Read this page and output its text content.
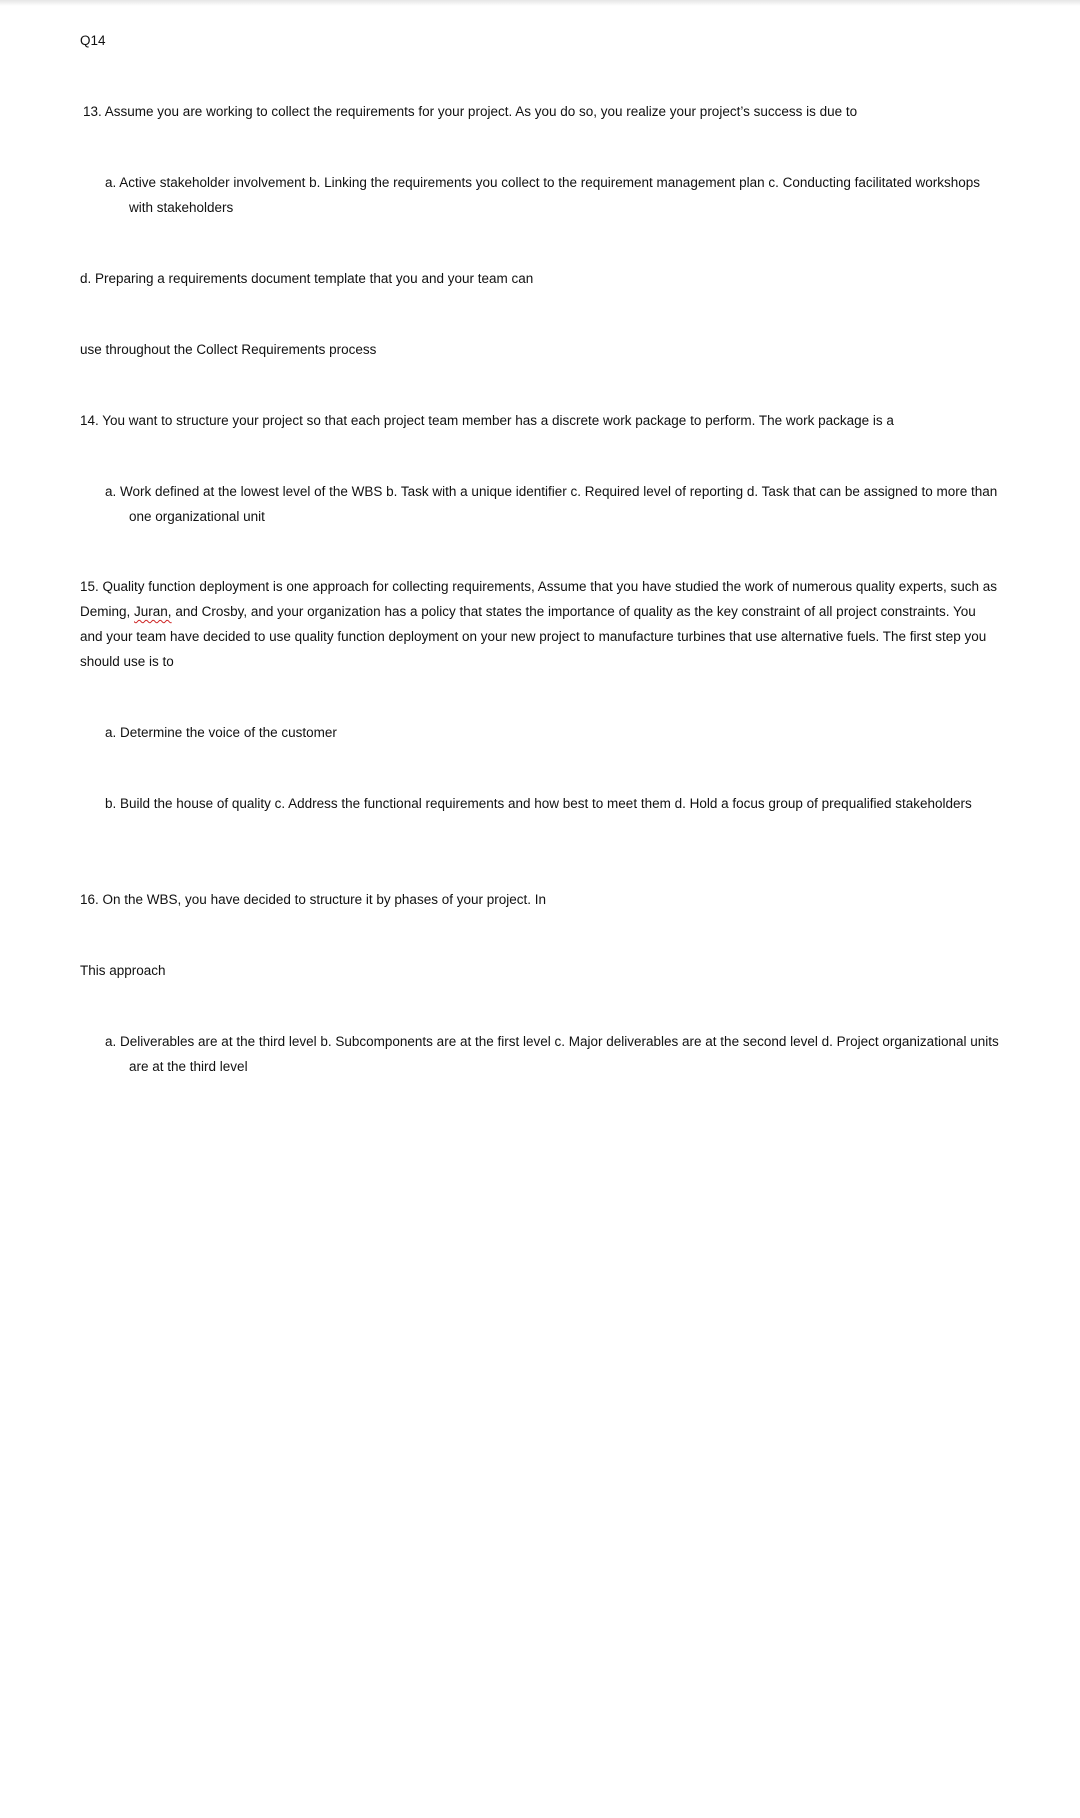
Q14

13. Assume you are working to collect the requirements for your project. As you do so, you realize your project’s success is due to

a. Active stakeholder involvement b. Linking the requirements you collect to the requirement management plan c. Conducting facilitated workshops with stakeholders

d. Preparing a requirements document template that you and your team can

use throughout the Collect Requirements process

14. You want to structure your project so that each project team member has a discrete work package to perform. The work package is a

a. Work defined at the lowest level of the WBS b. Task with a unique identifier c. Required level of reporting d. Task that can be assigned to more than one organizational unit

15. Quality function deployment is one approach for collecting requirements, Assume that you have studied the work of numerous quality experts, such as Deming, Juran, and Crosby, and your organization has a policy that states the importance of quality as the key constraint of all project constraints. You and your team have decided to use quality function deployment on your new project to manufacture turbines that use alternative fuels. The first step you should use is to

a. Determine the voice of the customer

b. Build the house of quality c. Address the functional requirements and how best to meet them d. Hold a focus group of prequalified stakeholders

16. On the WBS, you have decided to structure it by phases of your project. In

This approach

a. Deliverables are at the third level b. Subcomponents are at the first level c. Major deliverables are at the second level d. Project organizational units are at the third level
